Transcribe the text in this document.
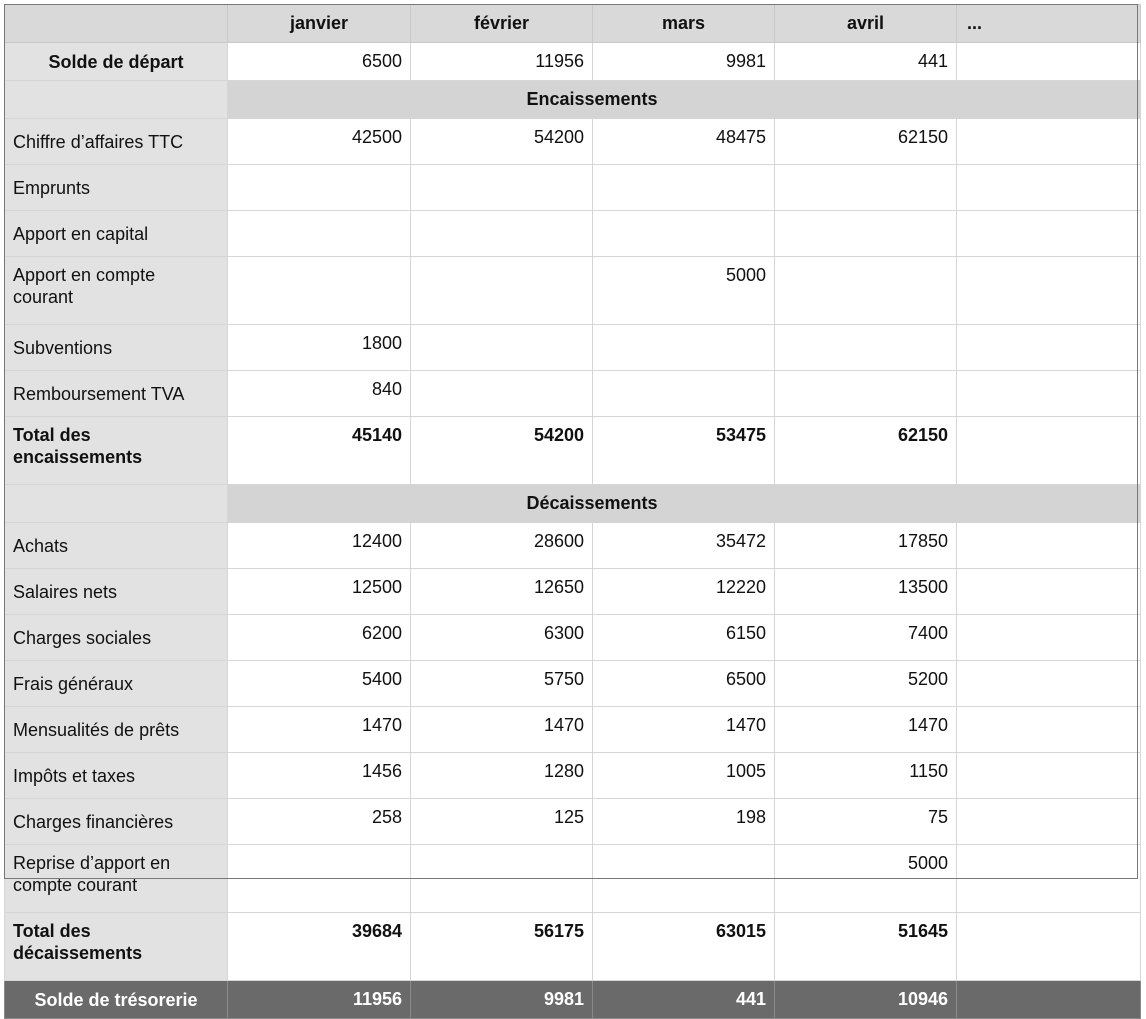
	janvier	février	mars	avril	...
Solde de départ	6500	11956	9981	441	
	Encaissements				
Chiffre d’affaires TTC	42500	54200	48475	62150	
Emprunts					
Apport en capital					
Apport en compte courant			5000		
Subventions	1800				
Remboursement TVA	840				
Total des encaissements	45140	54200	53475	62150	
	Décaissements				
Achats	12400	28600	35472	17850	
Salaires nets	12500	12650	12220	13500	
Charges sociales	6200	6300	6150	7400	
Frais généraux	5400	5750	6500	5200	
Mensualités de prêts	1470	1470	1470	1470	
Impôts et taxes	1456	1280	1005	1150	
Charges financières	258	125	198	75	
Reprise d’apport en compte courant				5000	
Total des décaissements	39684	56175	63015	51645	
Solde de trésorerie	11956	9981	441	10946	
